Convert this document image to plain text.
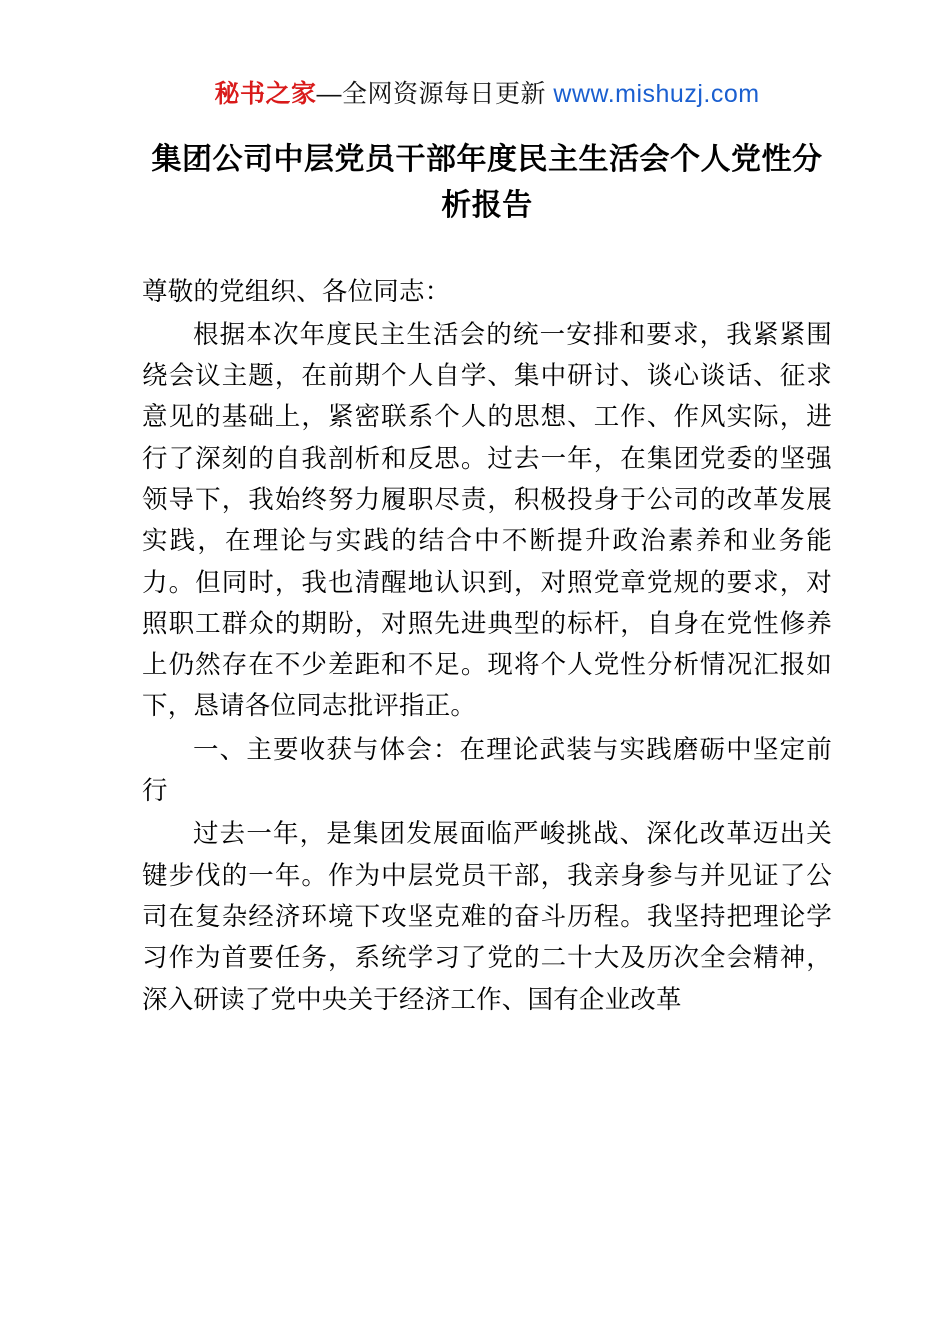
秘书之家—全网资源每日更新 www.mishuzj.com
集团公司中层党员干部年度民主生活会个人党性分析报告

尊敬的党组织、各位同志：

根据本次年度民主生活会的统一安排和要求，我紧紧围绕会议主题，在前期个人自学、集中研讨、谈心谈话、征求意见的基础上，紧密联系个人的思想、工作、作风实际，进行了深刻的自我剖析和反思。过去一年，在集团党委的坚强领导下，我始终努力履职尽责，积极投身于公司的改革发展实践，在理论与实践的结合中不断提升政治素养和业务能力。但同时，我也清醒地认识到，对照党章党规的要求，对照职工群众的期盼，对照先进典型的标杆，自身在党性修养上仍然存在不少差距和不足。现将个人党性分析情况汇报如下，恳请各位同志批评指正。

一、主要收获与体会：在理论武装与实践磨砺中坚定前行

过去一年，是集团发展面临严峻挑战、深化改革迈出关键步伐的一年。作为中层党员干部，我亲身参与并见证了公司在复杂经济环境下攻坚克难的奋斗历程。我坚持把理论学习作为首要任务，系统学习了党的二十大及历次全会精神，深入研读了党中央关于经济工作、国有企业改革
